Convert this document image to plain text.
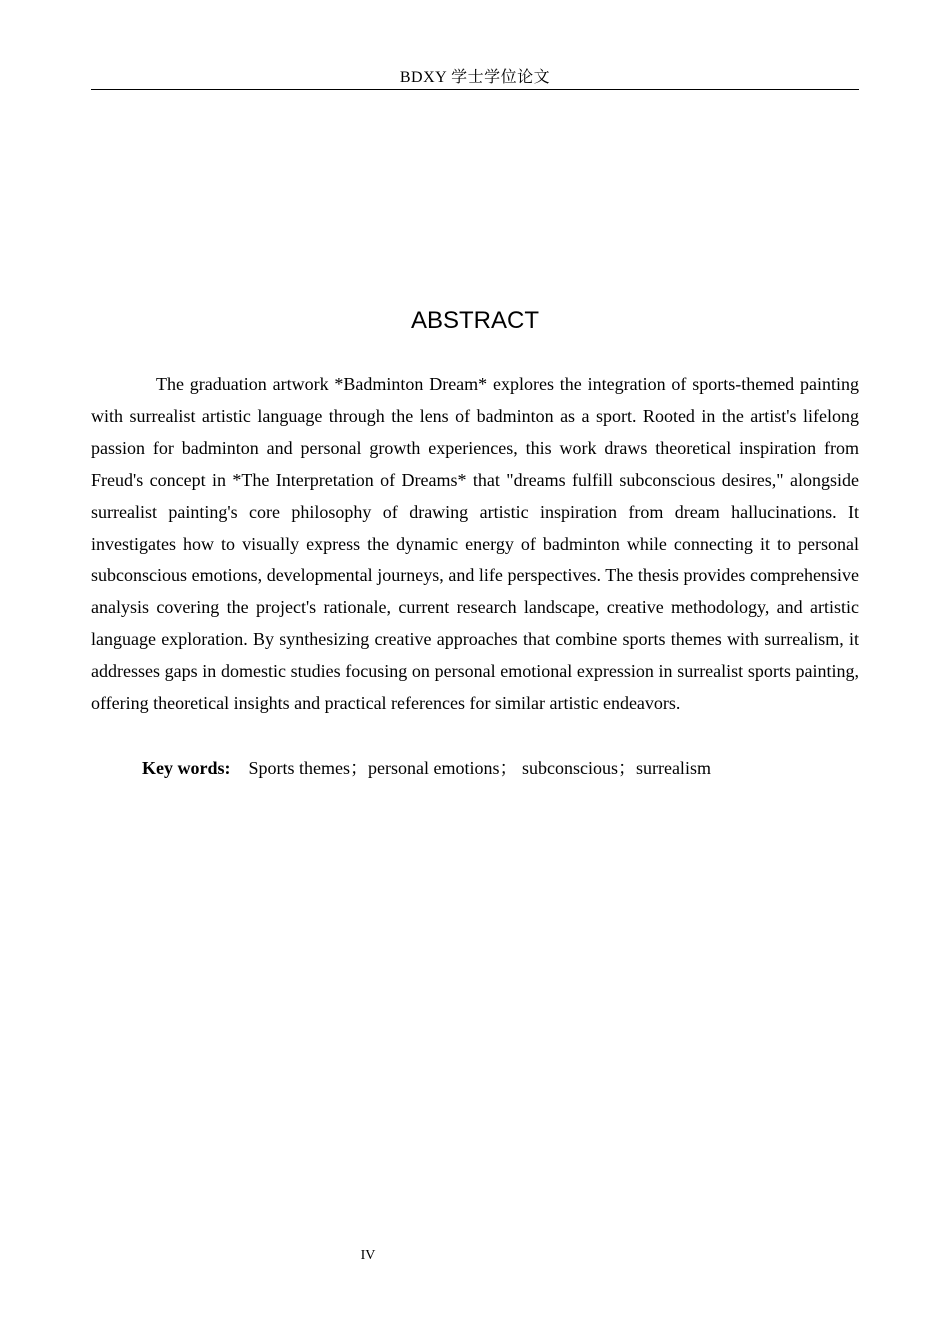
BDXY 学士学位论文
ABSTRACT

The graduation artwork *Badminton Dream* explores the integration of sports-themed painting with surrealist artistic language through the lens of badminton as a sport. Rooted in the artist's lifelong passion for badminton and personal growth experiences, this work draws theoretical inspiration from Freud's concept in *The Interpretation of Dreams* that "dreams fulfill subconscious desires," alongside surrealist painting's core philosophy of drawing artistic inspiration from dream hallucinations. It investigates how to visually express the dynamic energy of badminton while connecting it to personal subconscious emotions, developmental journeys, and life perspectives. The thesis provides comprehensive analysis covering the project's rationale, current research landscape, creative methodology, and artistic language exploration. By synthesizing creative approaches that combine sports themes with surrealism, it addresses gaps in domestic studies focusing on personal emotional expression in surrealist sports painting, offering theoretical insights and practical references for similar artistic endeavors.

Key words: Sports themes；personal emotions； subconscious；surrealism

IV
